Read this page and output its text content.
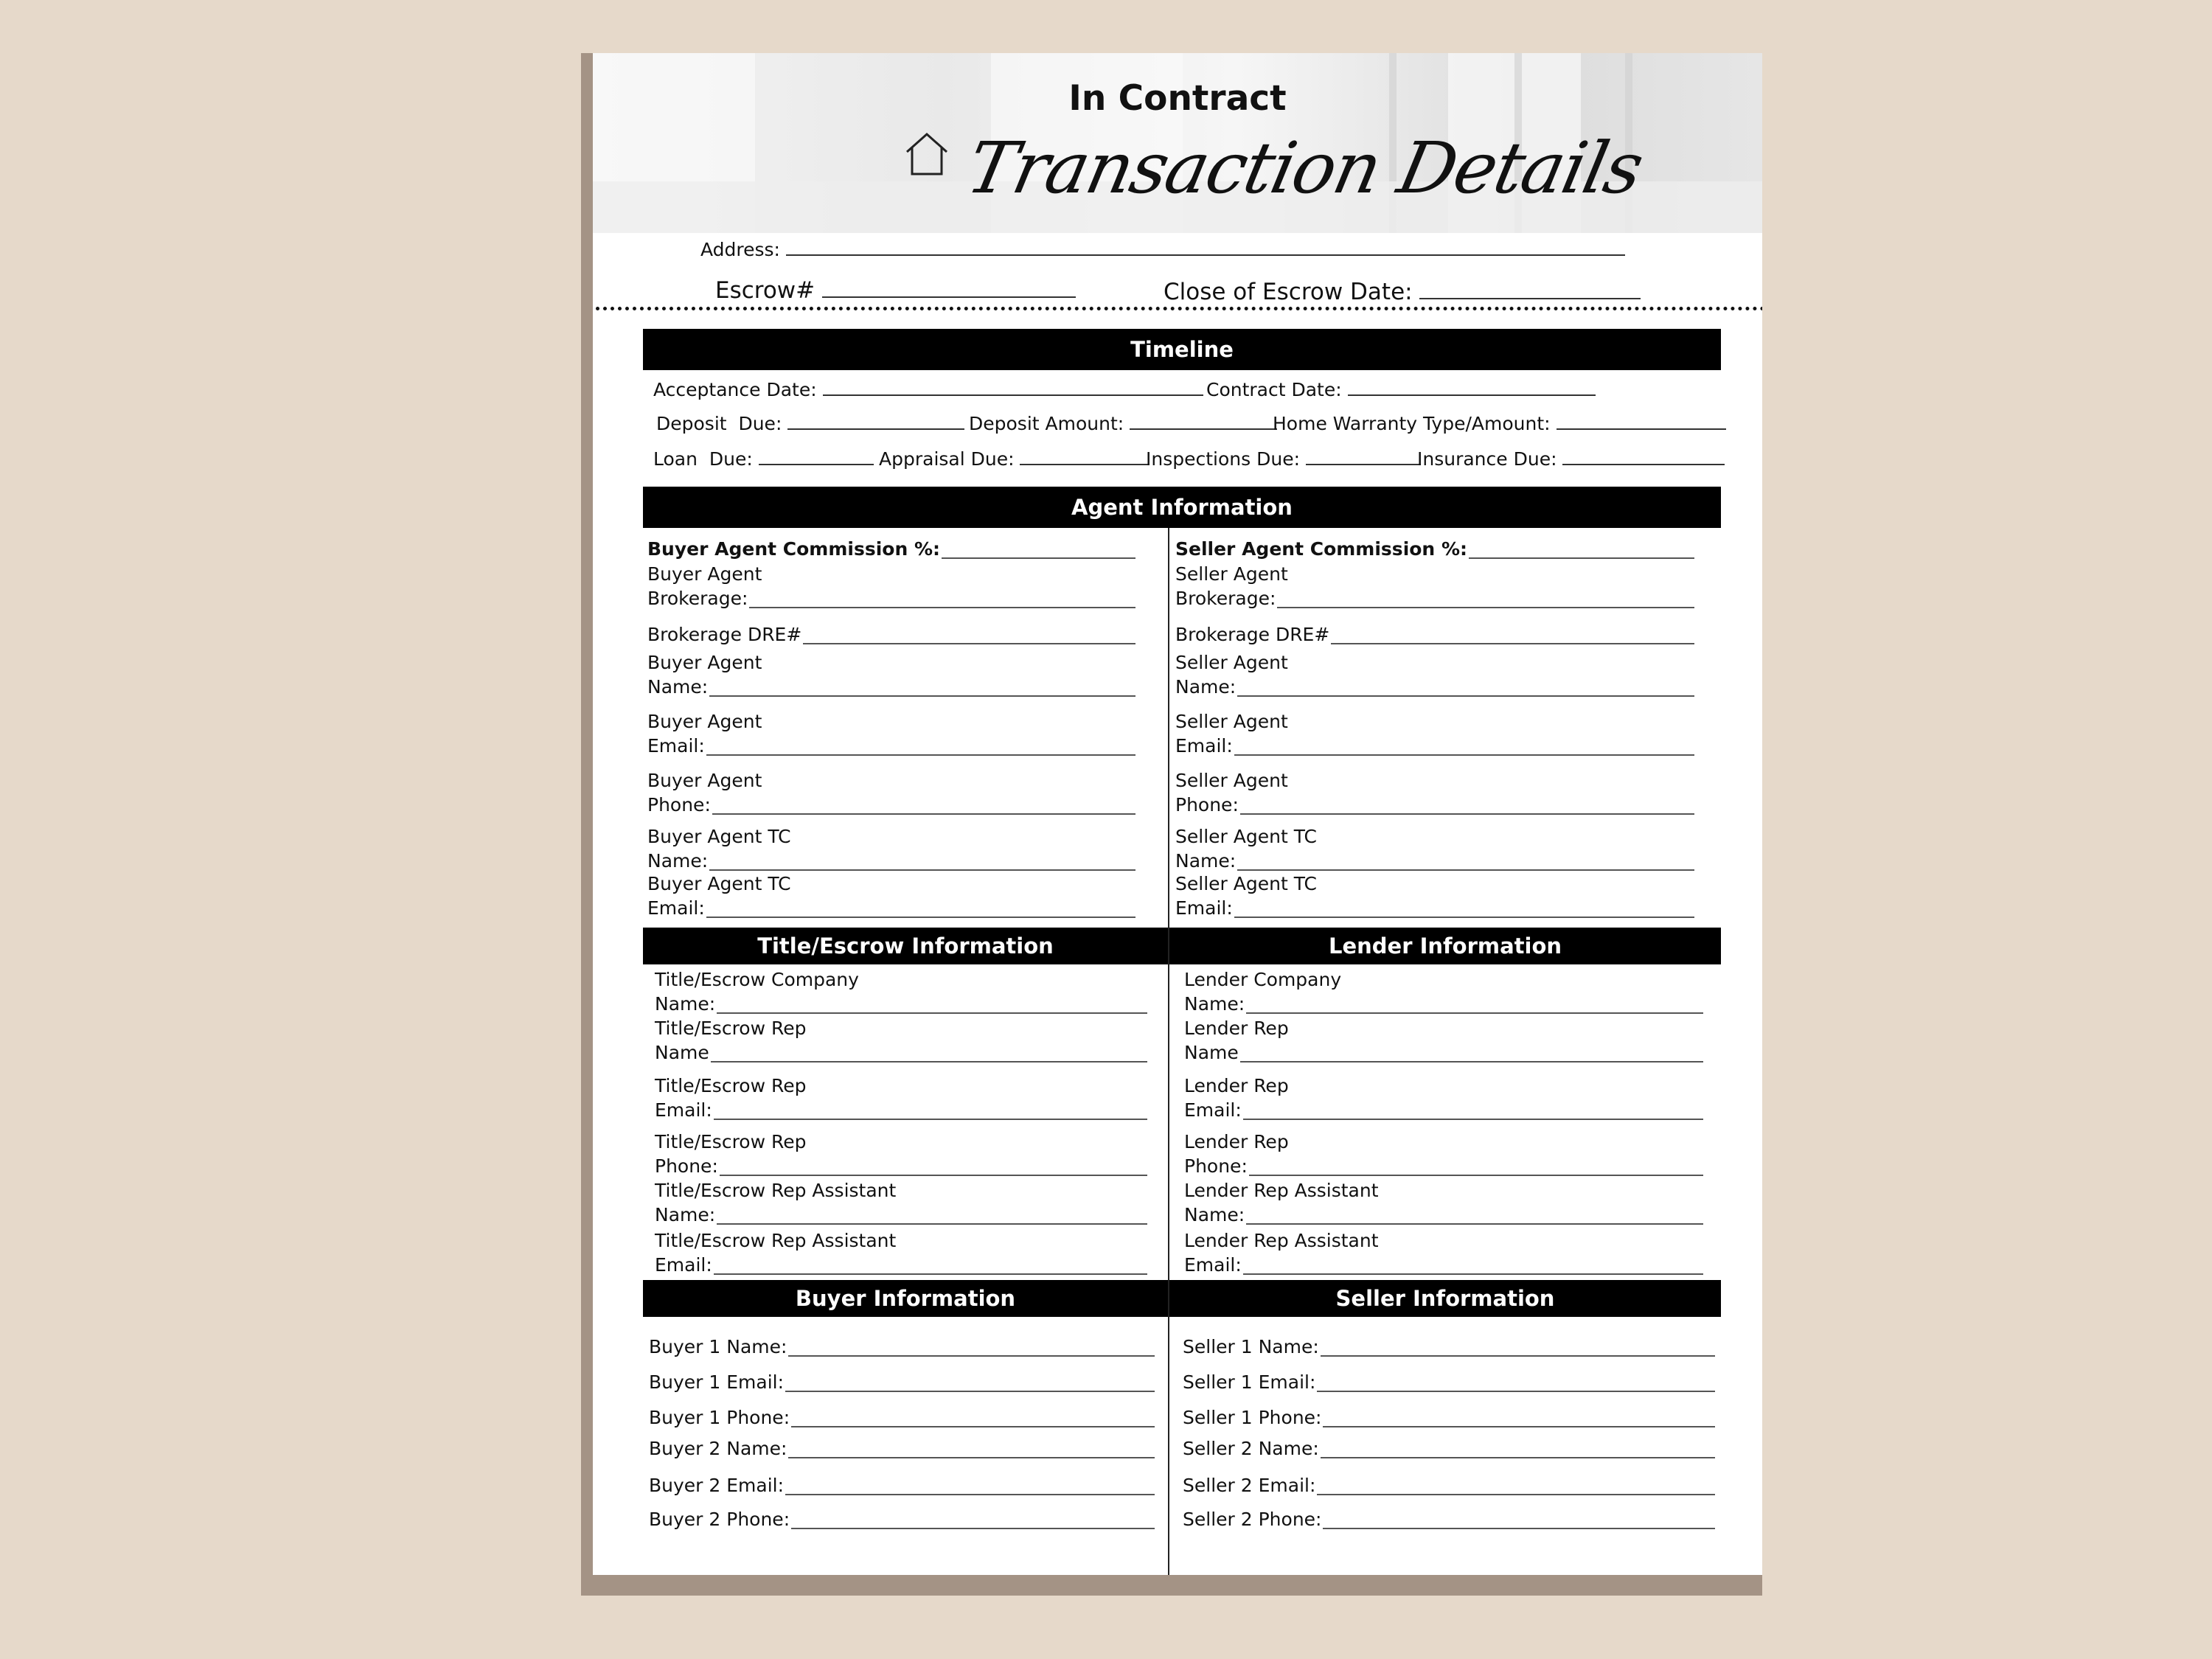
In Contract
Transaction Details
Address:
Escrow#	Close of Escrow Date:
Timeline
Acceptance Date:	Contract Date:
Deposit  Due:	Deposit Amount:	Home Warranty Type/Amount:
Loan  Due:	Appraisal Due:	Inspections Due:	Insurance Due:
Agent Information
Title/Escrow Information	Lender Information
Buyer Information	Seller Information
Buyer Agent Commission %:
Buyer Agent
Brokerage:
Brokerage DRE#
Buyer Agent
Name:
Buyer Agent
Email:
Buyer Agent
Phone:
Buyer Agent TC
Name:
Buyer Agent TC
Email:
Seller Agent Commission %:
Seller Agent
Brokerage:
Brokerage DRE#
Seller Agent
Name:
Seller Agent
Email:
Seller Agent
Phone:
Seller Agent TC
Name:
Seller Agent TC
Email:
Title/Escrow Company
Name:
Title/Escrow Rep
Name
Title/Escrow Rep
Email:
Title/Escrow Rep
Phone:
Title/Escrow Rep Assistant
Name:
Title/Escrow Rep Assistant
Email:
Lender Company
Name:
Lender Rep
Name
Lender Rep
Email:
Lender Rep
Phone:
Lender Rep Assistant
Name:
Lender Rep Assistant
Email:
Buyer 1 Name:
Buyer 1 Email:
Buyer 1 Phone:
Buyer 2 Name:
Buyer 2 Email:
Buyer 2 Phone:
Seller 1 Name:
Seller 1 Email:
Seller 1 Phone:
Seller 2 Name:
Seller 2 Email:
Seller 2 Phone:
